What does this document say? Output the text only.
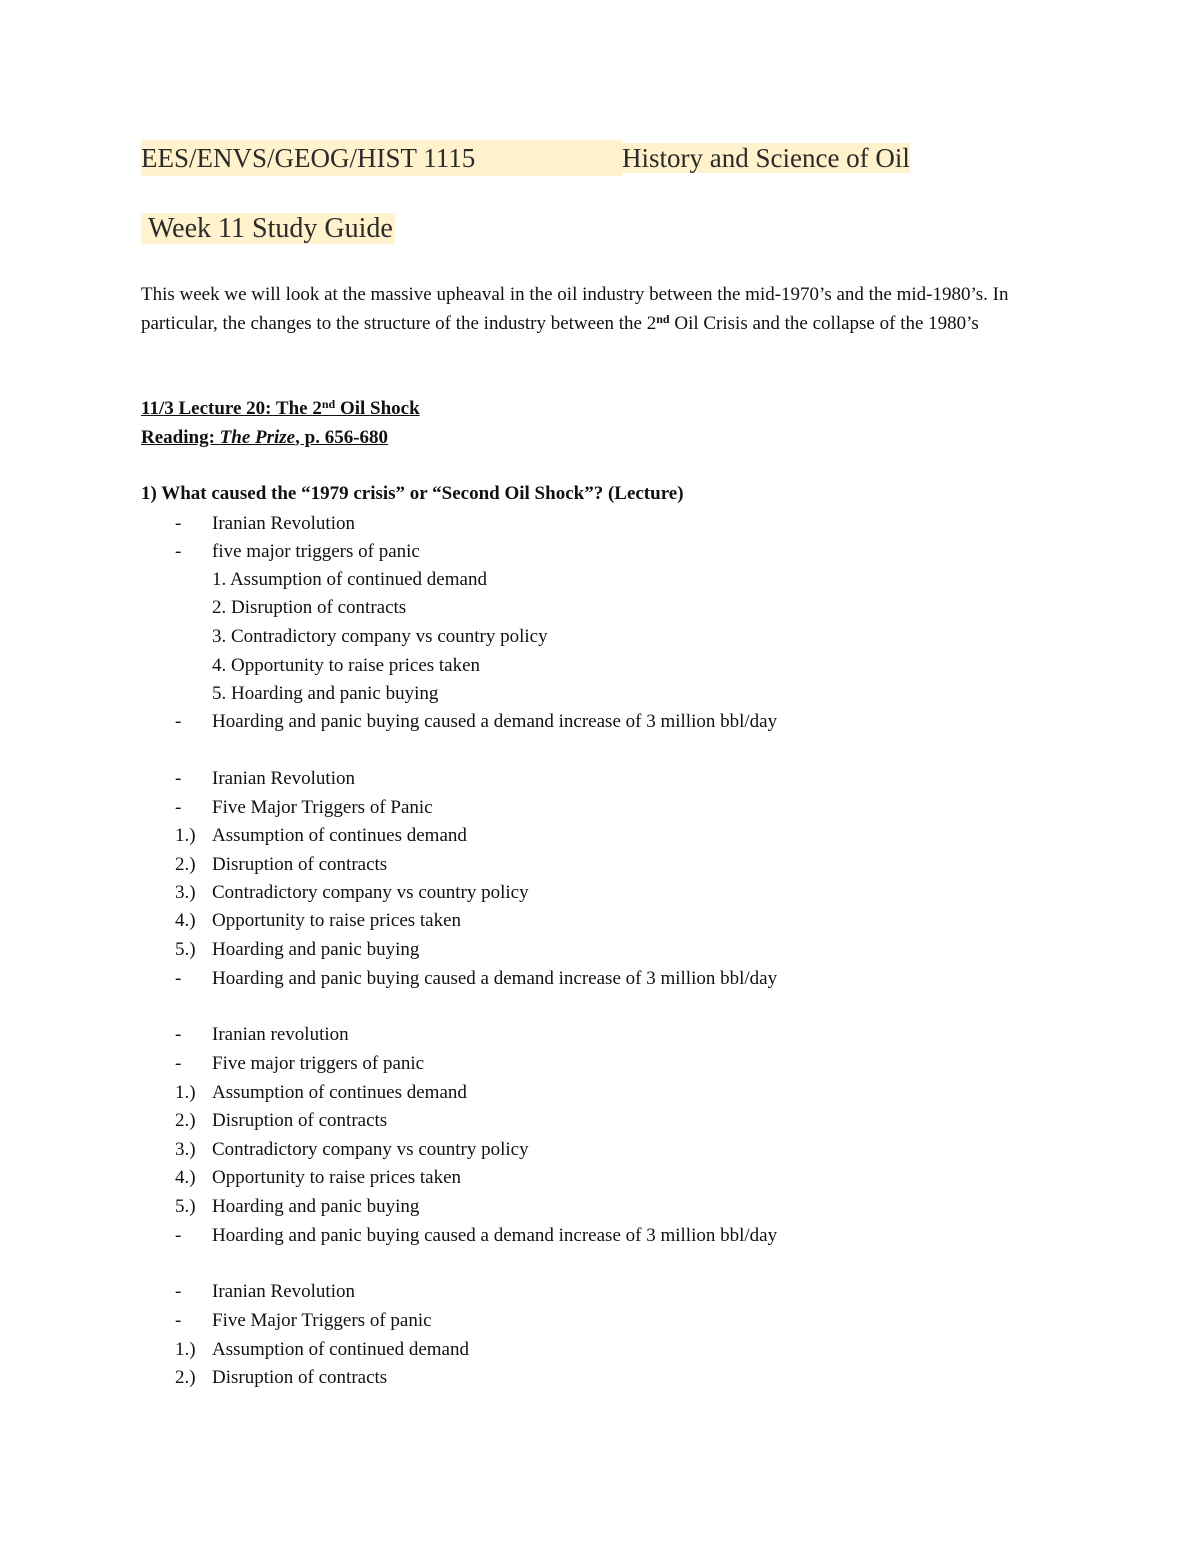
EES/ENVS/GEOG/HIST 1115	History and Science of Oil
Week 11 Study Guide
This week we will look at the massive upheaval in the oil industry between the mid-1970’s and the mid-1980’s. In particular, the changes to the structure of the industry between the 2nd Oil Crisis and the collapse of the 1980’s
11/3 Lecture 20: The 2nd Oil Shock
Reading: The Prize, p. 656-680
1) What caused the “1979 crisis” or “Second Oil Shock”? (Lecture)
- Iranian Revolution
- five major triggers of panic
1. Assumption of continued demand
2. Disruption of contracts
3. Contradictory company vs country policy
4. Opportunity to raise prices taken
5. Hoarding and panic buying
- Hoarding and panic buying caused a demand increase of 3 million bbl/day
- Iranian Revolution
- Five Major Triggers of Panic
1.) Assumption of continues demand
2.) Disruption of contracts
3.) Contradictory company vs country policy
4.) Opportunity to raise prices taken
5.) Hoarding and panic buying
- Hoarding and panic buying caused a demand increase of 3 million bbl/day
- Iranian revolution
- Five major triggers of panic
1.) Assumption of continues demand
2.) Disruption of contracts
3.) Contradictory company vs country policy
4.) Opportunity to raise prices taken
5.) Hoarding and panic buying
- Hoarding and panic buying caused a demand increase of 3 million bbl/day
- Iranian Revolution
- Five Major Triggers of panic
1.) Assumption of continued demand
2.) Disruption of contracts
